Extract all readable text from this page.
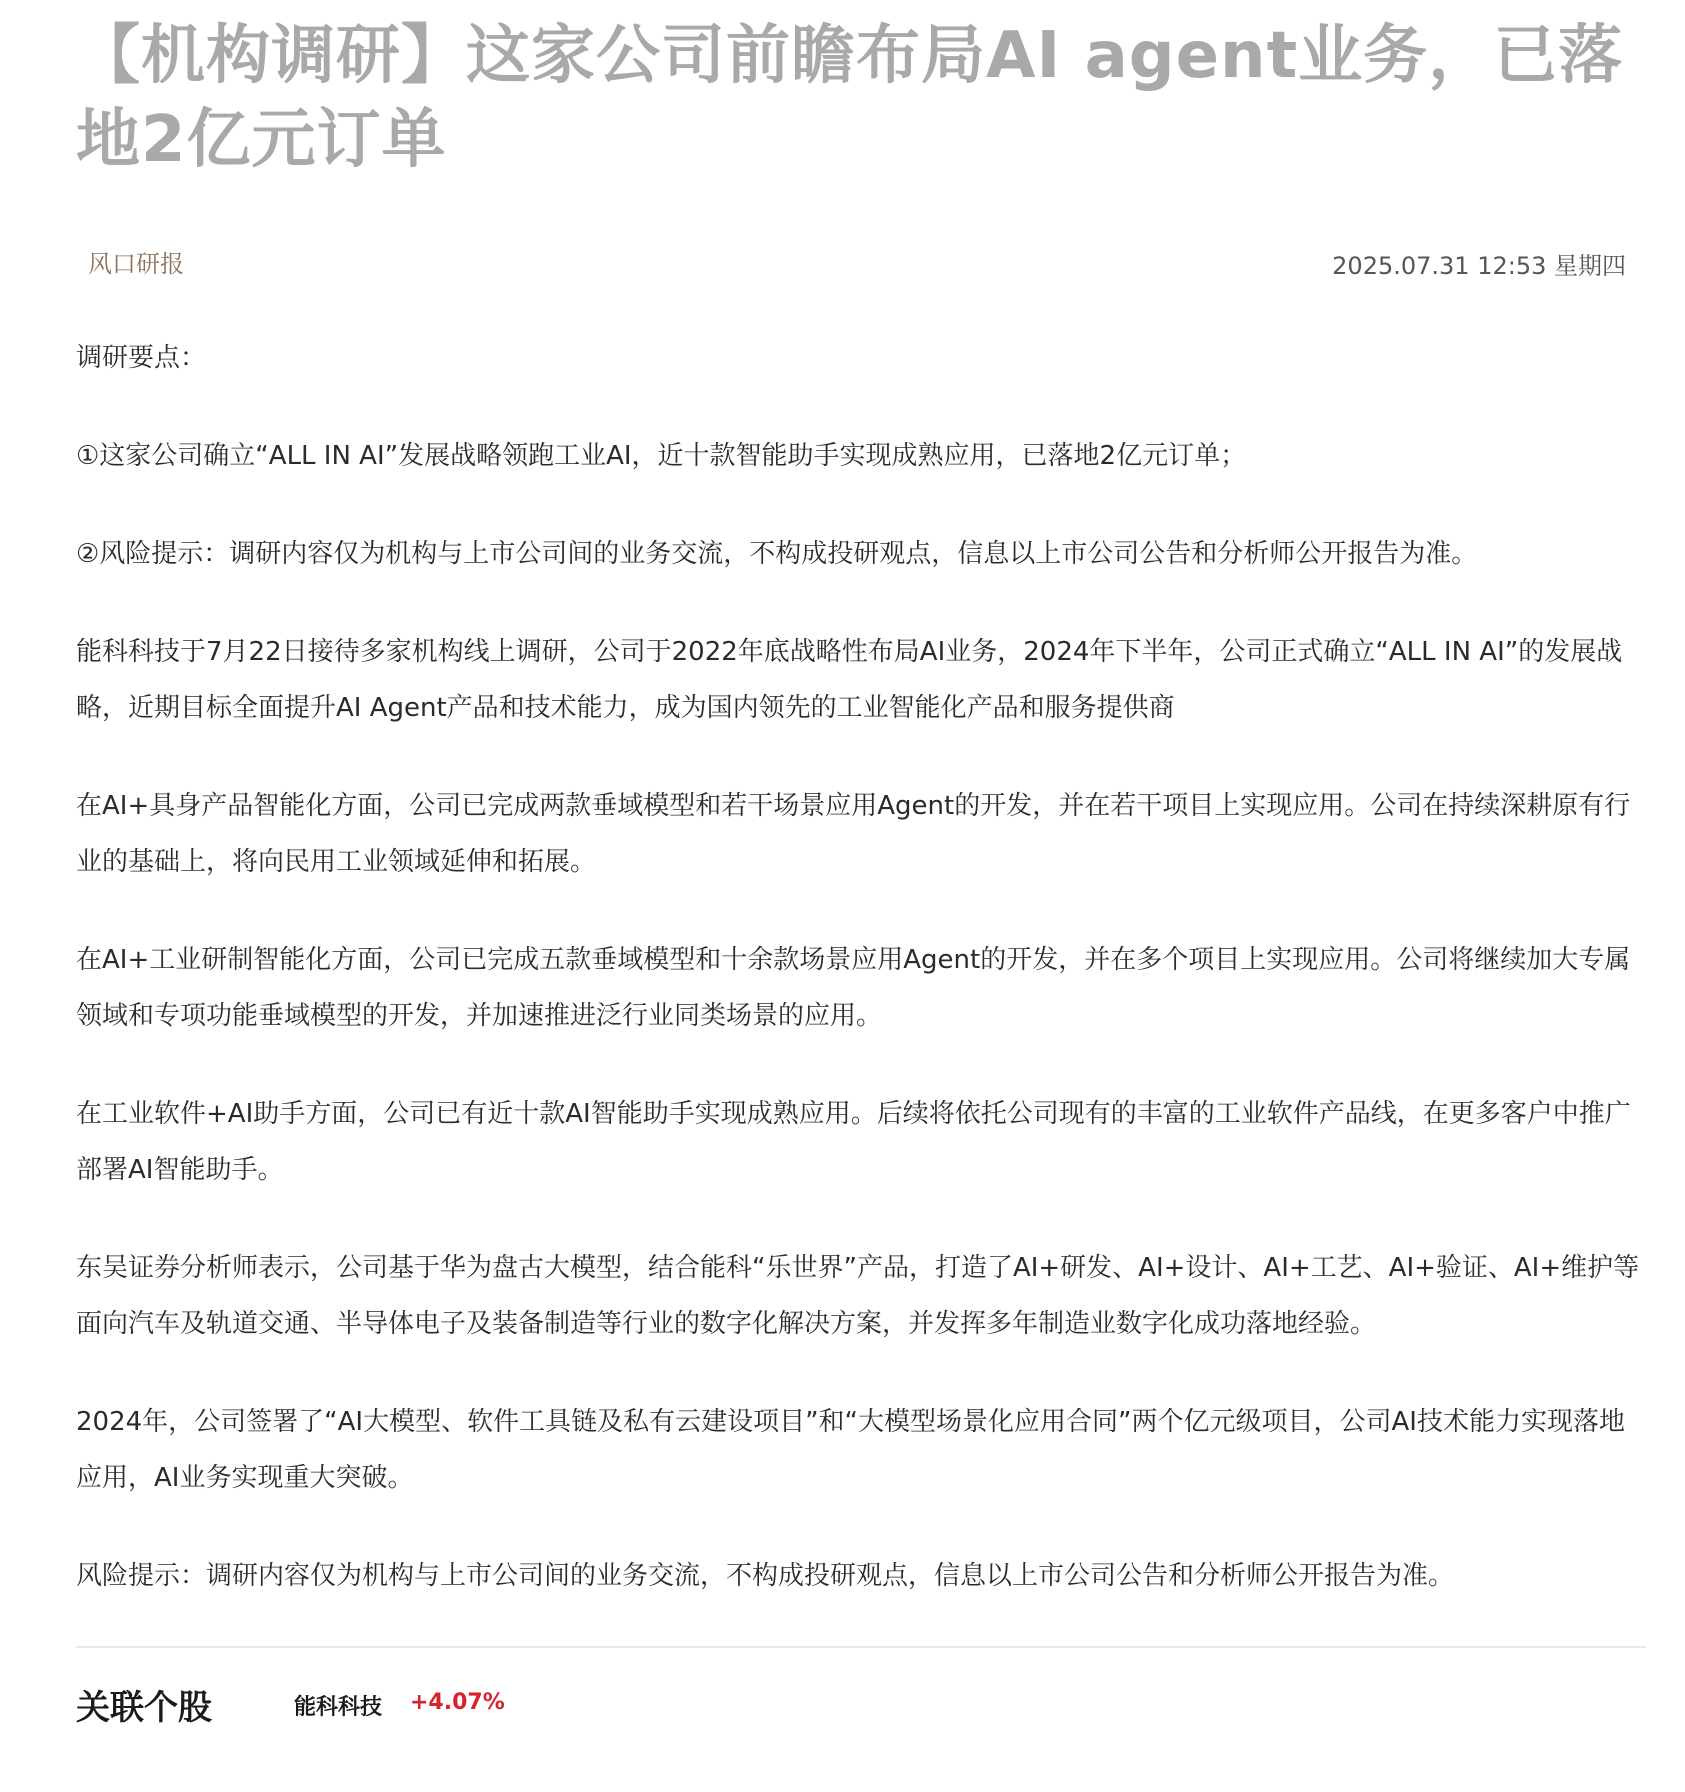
【机构调研】这家公司前瞻布局AI agent业务，已落地2亿元订单
风口研报	2025.07.31 12:53 星期四

调研要点：

①这家公司确立“ALL IN AI”发展战略领跑工业AI，近十款智能助手实现成熟应用，已落地2亿元订单；

②风险提示：调研内容仅为机构与上市公司间的业务交流，不构成投研观点，信息以上市公司公告和分析师公开报告为准。

能科科技于7月22日接待多家机构线上调研，公司于2022年底战略性布局AI业务，2024年下半年，公司正式确立“ALL IN AI”的发展战略，近期目标全面提升AI Agent产品和技术能力，成为国内领先的工业智能化产品和服务提供商

在AI+具身产品智能化方面，公司已完成两款垂域模型和若干场景应用Agent的开发，并在若干项目上实现应用。公司在持续深耕原有行业的基础上，将向民用工业领域延伸和拓展。

在AI+工业研制智能化方面，公司已完成五款垂域模型和十余款场景应用Agent的开发，并在多个项目上实现应用。公司将继续加大专属领域和专项功能垂域模型的开发，并加速推进泛行业同类场景的应用。

在工业软件+AI助手方面，公司已有近十款AI智能助手实现成熟应用。后续将依托公司现有的丰富的工业软件产品线，在更多客户中推广部署AI智能助手。

东吴证券分析师表示，公司基于华为盘古大模型，结合能科“乐世界”产品，打造了AI+研发、AI+设计、AI+工艺、AI+验证、AI+维护等面向汽车及轨道交通、半导体电子及装备制造等行业的数字化解决方案，并发挥多年制造业数字化成功落地经验。

2024年，公司签署了“AI大模型、软件工具链及私有云建设项目”和“大模型场景化应用合同”两个亿元级项目，公司AI技术能力实现落地应用，AI业务实现重大突破。

风险提示：调研内容仅为机构与上市公司间的业务交流，不构成投研观点，信息以上市公司公告和分析师公开报告为准。

关联个股	能科科技 +4.07%
